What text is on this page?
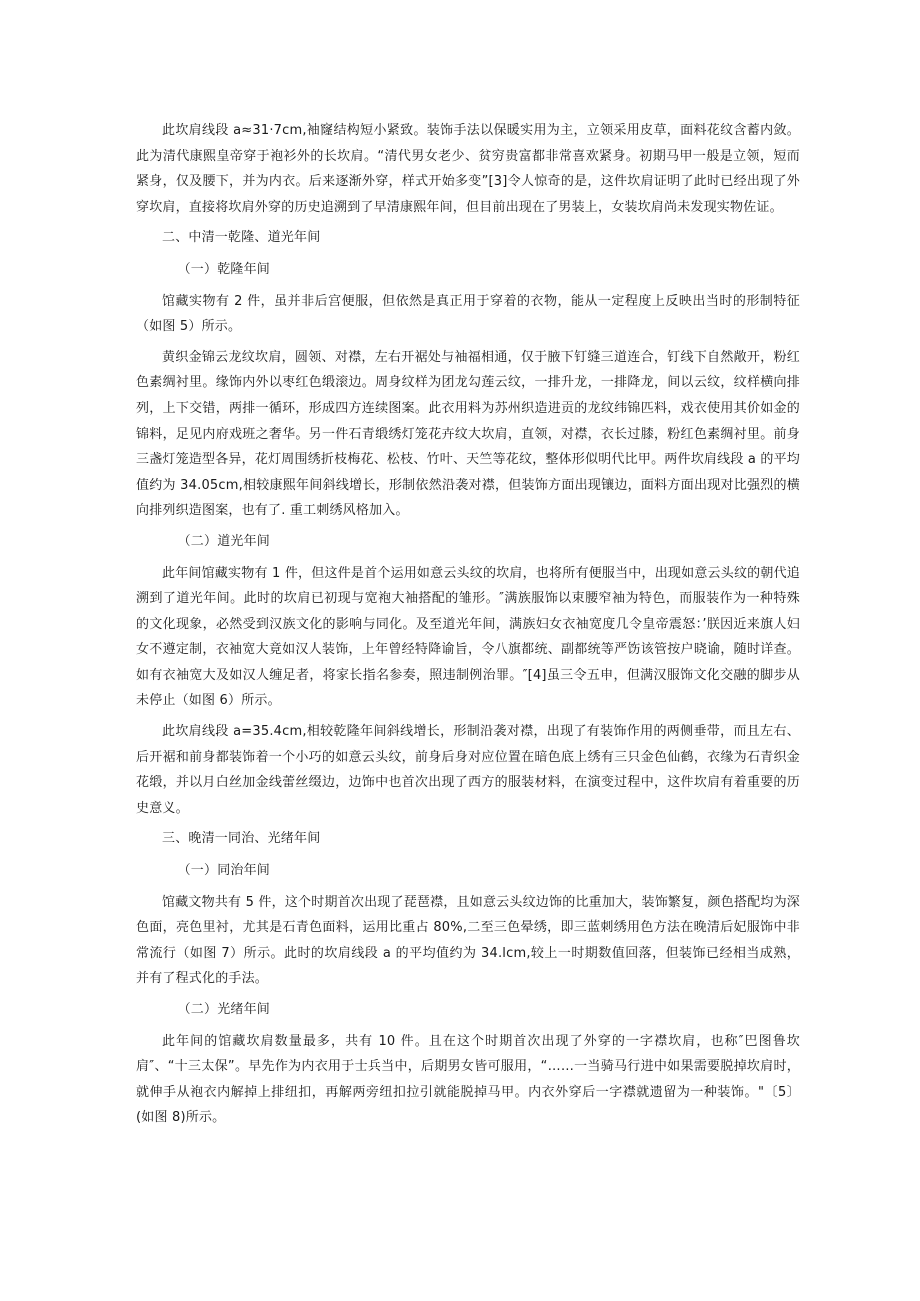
此坎肩线段 a≈31·7cm,袖窿结构短小紧致。装饰手法以保暖实用为主，立领采用皮草，面料花纹含蓄内敛。此为清代康熙皇帝穿于袍衫外的长坎肩。“清代男女老少、贫穷贵富都非常喜欢紧身。初期马甲一般是立领，短而紧身，仅及腰下，并为内衣。后来逐渐外穿，样式开始多变”[3]令人惊奇的是，这件坎肩证明了此时已经出现了外穿坎肩，直接将坎肩外穿的历史追溯到了早清康熙年间，但目前出现在了男装上，女装坎肩尚未发现实物佐证。

二、中清一乾隆、道光年间

（一）乾隆年间

馆藏实物有 2 件，虽并非后宫便服，但依然是真正用于穿着的衣物，能从一定程度上反映出当时的形制特征（如图 5）所示。

黄织金锦云龙纹坎肩，圆领、对襟，左右开裾处与袖福相通，仅于腋下钉缝三道连合，钉线下自然敞开，粉红色素绸衬里。缘饰内外以枣红色缎滚边。周身纹样为团龙勾莲云纹，一排升龙，一排降龙，间以云纹，纹样横向排列，上下交错，两排一循环，形成四方连续图案。此衣用料为苏州织造进贡的龙纹纬锦匹料，戏衣使用其价如金的锦料，足见内府戏班之奢华。另一件石青缎绣灯笼花卉纹大坎肩，直领，对襟，衣长过膝，粉红色素绸衬里。前身三盏灯笼造型各异，花灯周围绣折枝梅花、松枝、竹叶、天竺等花纹，整体形似明代比甲。两件坎肩线段 a 的平均值约为 34.05cm,相较康熙年间斜线增长，形制依然沿袭对襟，但装饰方面出现镶边，面料方面出现对比强烈的横向排列织造图案，也有了. 重工刺绣风格加入。

（二）道光年间

此年间馆藏实物有 1 件，但这件是首个运用如意云头纹的坎肩，也将所有便服当中，出现如意云头纹的朝代追溯到了道光年间。此时的坎肩已初现与宽袍大袖搭配的雏形。″满族服饰以束腰窄袖为特色，而服装作为一种特殊的文化现象，必然受到汉族文化的影响与同化。及至道光年间，满族妇女衣袖宽度几令皇帝震怒：’朕因近来旗人妇女不遵定制，衣袖宽大竟如汉人装饰，上年曾经特降谕旨，令八旗都统、副都统等严饬该管按户晓谕，随时详查。如有衣袖宽大及如汉人缠足者，将家长指名参奏，照违制例治罪。″[4]虽三令五申，但满汉服饰文化交融的脚步从未停止（如图 6）所示。

此坎肩线段 a=35.4cm,相较乾隆年间斜线增长，形制沿袭对襟，出现了有装饰作用的两侧垂带，而且左右、后开裾和前身都装饰着一个小巧的如意云头纹，前身后身对应位置在暗色底上绣有三只金色仙鹤，衣缘为石青织金花缎，并以月白丝加金线蕾丝缀边，边饰中也首次出现了西方的服装材料，在演变过程中，这件坎肩有着重要的历史意义。

三、晚清一同治、光绪年间

（一）同治年间

馆藏文物共有 5 件，这个时期首次出现了琵琶襟，且如意云头纹边饰的比重加大，装饰繁复，颜色搭配均为深色面，亮色里衬，尤其是石青色面料，运用比重占 80%,二至三色晕绣，即三蓝刺绣用色方法在晚清后妃服饰中非常流行（如图 7）所示。此时的坎肩线段 a 的平均值约为 34.lcm,较上一时期数值回落，但装饰已经相当成熟，并有了程式化的手法。

（二）光绪年间

此年间的馆藏坎肩数量最多，共有 10 件。且在这个时期首次出现了外穿的一字襟坎肩，也称″巴图鲁坎肩″、“十三太保”。早先作为内衣用于士兵当中，后期男女皆可服用，“……一当骑马行进中如果需要脱掉坎肩时，就伸手从袍衣内解掉上排纽扣，再解两旁纽扣拉引就能脱掉马甲。内衣外穿后一字襟就遗留为一种装饰。"〔5〕(如图 8)所示。
